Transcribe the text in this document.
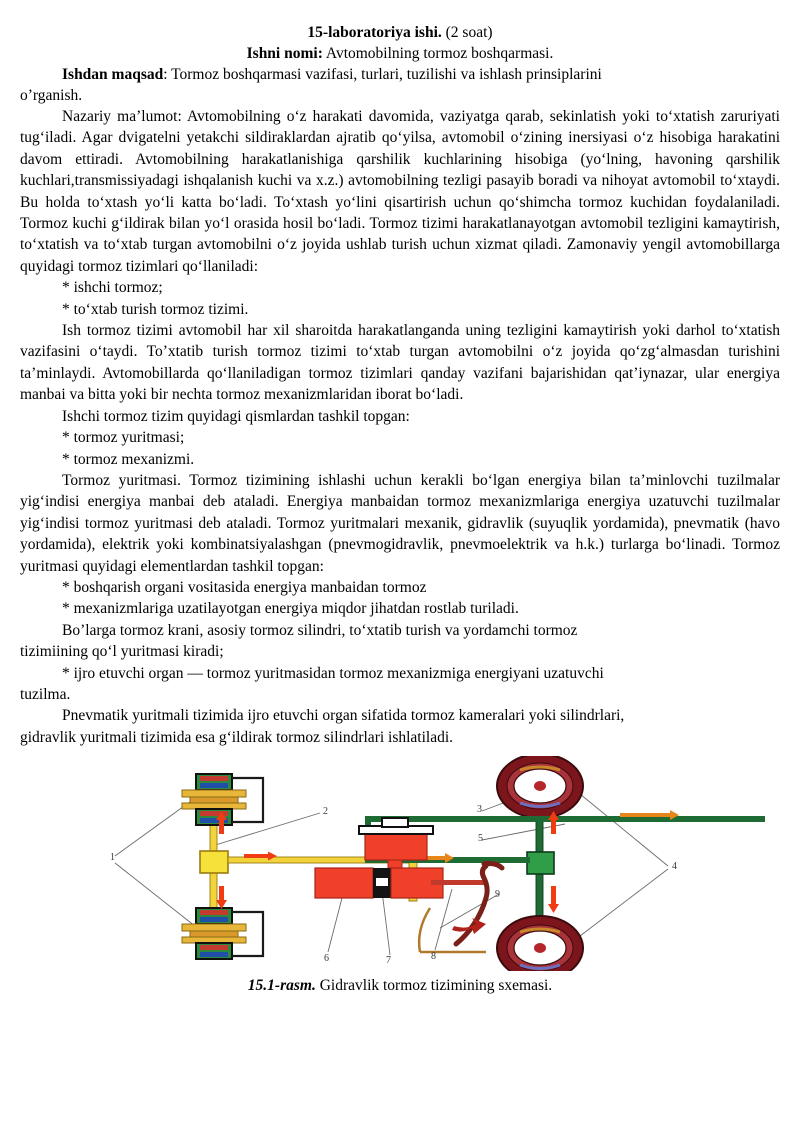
15-laboratoriya ishi. (2 soat)
Ishni nomi: Avtomobilning tormoz boshqarmasi.
Ishdan maqsad: Tormoz boshqarmasi vazifasi, turlari, tuzilishi va ishlash prinsiplarini
o’rganish.

Nazariy ma’lumot: Avtomobilning o‘z harakati davomida, vaziyatga qarab, sekinlatish yoki to‘xtatish zaruriyati tug‘iladi. Agar dvigatelni yetakchi sildiraklardan ajratib qo‘yilsa, avtomobil o‘zining inersiyasi o‘z hisobiga harakatini davom ettiradi. Avtomobilning harakatlanishiga qarshilik kuchlarining hisobiga (yo‘lning, havoning qarshilik kuchlari,transmissiyadagi ishqalanish kuchi va x.z.) avtomobilning tezligi pasayib boradi va nihoyat avtomobil to‘xtaydi. Bu holda to‘xtash yo‘li katta bo‘ladi. To‘xtash yo‘lini qisartirish uchun qo‘shimcha tormoz kuchidan foydalaniladi. Tormoz kuchi g‘ildirak bilan yo‘l orasida hosil bo‘ladi. Tormoz tizimi harakatlanayotgan avtomobil tezligini kamaytirish, to‘xtatish va to‘xtab turgan avtomobilni o‘z joyida ushlab turish uchun xizmat qiladi. Zamonaviy yengil avtomobillarga quyidagi tormoz tizimlari qo‘llaniladi:

* ishchi tormoz;

* to‘xtab turish tormoz tizimi.

Ish tormoz tizimi avtomobil har xil sharoitda harakatlanganda uning tezligini kamaytirish yoki darhol to‘xtatish vazifasini o‘taydi. To’xtatib turish tormoz tizimi to‘xtab turgan avtomobilni o‘z joyida qo‘zg‘almasdan turishini ta’minlaydi. Avtomobillarda qo‘llaniladigan tormoz tizimlari qanday vazifani bajarishidan qat’iynazar, ular energiya manbai va bitta yoki bir nechta tormoz mexanizmlaridan iborat bo‘ladi.

Ishchi tormoz tizim quyidagi qismlardan tashkil topgan:

* tormoz yuritmasi;

* tormoz mexanizmi.

Tormoz yuritmasi. Tormoz tizimining ishlashi uchun kerakli bo‘lgan energiya bilan ta’minlovchi tuzilmalar yig‘indisi energiya manbai deb ataladi. Energiya manbaidan tormoz mexanizmlariga energiya uzatuvchi tuzilmalar yig‘indisi tormoz yuritmasi deb ataladi. Tormoz yuritmalari mexanik, gidravlik (suyuqlik yordamida), pnevmatik (havo yordamida), elektrik yoki kombinatsiyalashgan (pnevmogidravlik, pnevmoelektrik va h.k.) turlarga bo‘linadi. Tormoz yuritmasi quyidagi elementlardan tashkil topgan:

* boshqarish organi vositasida energiya manbaidan tormoz

* mexanizmlariga uzatilayotgan energiya miqdor jihatdan rostlab turiladi.

Bo’larga tormoz krani, asosiy tormoz silindri, to‘xtatib turish va yordamchi tormoz

tizimiining qo‘l yuritmasi kiradi;

* ijro etuvchi organ — tormoz yuritmasidan tormoz mexanizmiga energiyani uzatuvchi

tuzilma.

Pnevmatik yuritmali tizimida ijro etuvchi organ sifatida tormoz kameralari yoki silindrlari,

gidravlik yuritmali tizimida esa g‘ildirak tormoz silindrlari ishlatiladi.

1
2	3
4
5
6	7	8
9
15.1-rasm. Gidravlik tormoz tizimining sxemasi.
